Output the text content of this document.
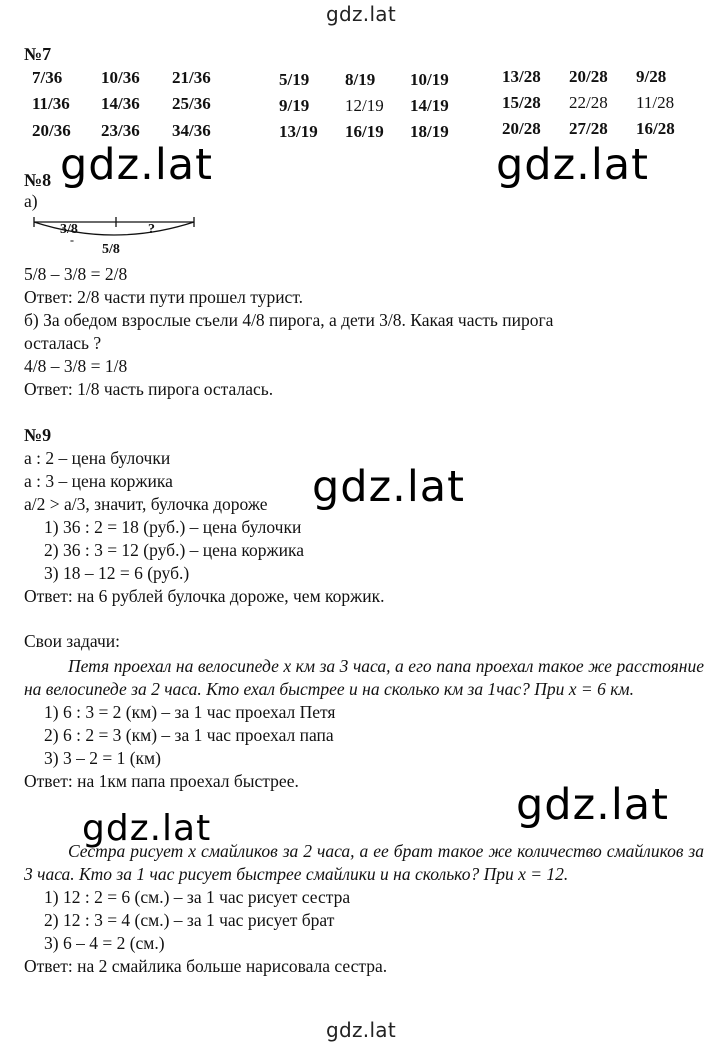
gdz.lat
№7
7/36 10/36 21/36
11/36 14/36 25/36
20/36 23/36 34/36
5/19 8/19 10/19
9/19 12/19 14/19
13/19 16/19 18/19
13/28 20/28 9/28
15/28 22/28 11/28
20/28 27/28 16/28
gdz.lat	gdz.lat
№8
а)
3/8	?
-
5/8
5/8 – 3/8 = 2/8
Ответ: 2/8 части пути прошел турист.
б) За обедом взрослые съели 4/8 пирога, а дети 3/8. Какая часть пирога
осталась ?
4/8 – 3/8 = 1/8
Ответ: 1/8 часть пирога осталась.
№9
а : 2 – цена булочки
а : 3 – цена коржика
а/2 > а/3, значит, булочка дороже
1) 36 : 2 = 18 (руб.) – цена булочки
2) 36 : 3 = 12 (руб.) – цена коржика
3) 18 – 12 = 6 (руб.)
Ответ: на 6 рублей булочка дороже, чем коржик.
gdz.lat
Свои задачи:
Петя проехал на велосипеде х км за 3 часа, а его папа проехал такое же расстояние на велосипеде за 2 часа. Кто ехал быстрее и на сколько км за 1час? При х = 6 км.
1) 6 : 3 = 2 (км) – за 1 час проехал Петя
2) 6 : 2 = 3 (км) – за 1 час проехал папа
3) 3 – 2 = 1 (км)
Ответ: на 1км папа проехал быстрее.	gdz.lat
gdz.lat
Сестра рисует х смайликов за 2 часа, а ее брат такое же количество смайликов за 3 часа. Кто за 1 час рисует быстрее смайлики и на сколько? При х = 12.
1) 12 : 2 = 6 (см.) – за 1 час рисует сестра
2) 12 : 3 = 4 (см.) – за 1 час рисует брат
3) 6 – 4 = 2 (см.)
Ответ: на 2 смайлика больше нарисовала сестра.
gdz.lat
